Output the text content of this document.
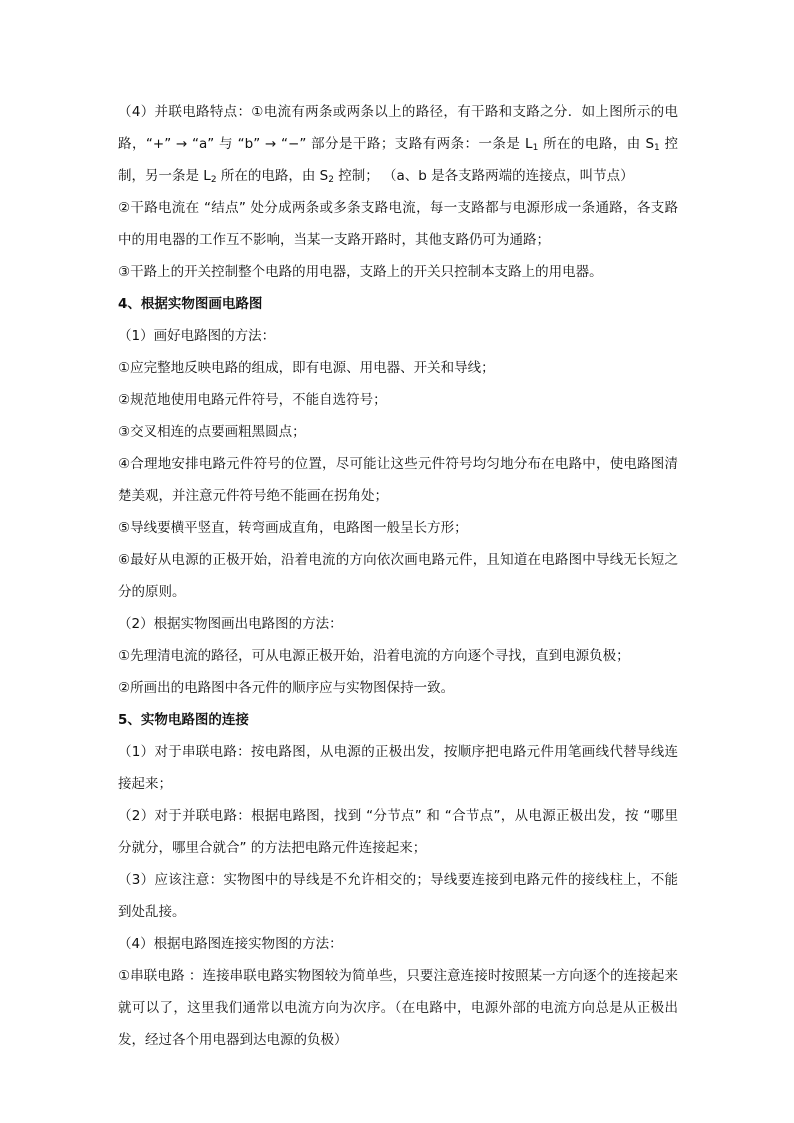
（4）并联电路特点：①电流有两条或两条以上的路径，有干路和支路之分．如上图所示的电路，“+” → “a” 与 “b” → “−” 部分是干路；支路有两条：一条是 $L_1$ 所在的电路，由 $S_1$ 控制，另一条是 $L_2$ 所在的电路，由 $S_2$ 控制； （a、b 是各支路两端的连接点，叫节点）

②干路电流在 “结点” 处分成两条或多条支路电流，每一支路都与电源形成一条通路，各支路中的用电器的工作互不影响，当某一支路开路时，其他支路仍可为通路；

③干路上的开关控制整个电路的用电器，支路上的开关只控制本支路上的用电器。

4、根据实物图画电路图

（1）画好电路图的方法：

①应完整地反映电路的组成，即有电源、用电器、开关和导线；

②规范地使用电路元件符号，不能自选符号；

③交叉相连的点要画粗黑圆点；

④合理地安排电路元件符号的位置，尽可能让这些元件符号均匀地分布在电路中，使电路图清楚美观，并注意元件符号绝不能画在拐角处；

⑤导线要横平竖直，转弯画成直角，电路图一般呈长方形；

⑥最好从电源的正极开始，沿着电流的方向依次画电路元件，且知道在电路图中导线无长短之分的原则。

（2）根据实物图画出电路图的方法：

①先理清电流的路径，可从电源正极开始，沿着电流的方向逐个寻找，直到电源负极；

②所画出的电路图中各元件的顺序应与实物图保持一致。

5、实物电路图的连接

（1）对于串联电路：按电路图，从电源的正极出发，按顺序把电路元件用笔画线代替导线连接起来；

（2）对于并联电路：根据电路图，找到 “分节点” 和 “合节点”，从电源正极出发，按 “哪里分就分，哪里合就合” 的方法把电路元件连接起来；

（3）应该注意：实物图中的导线是不允许相交的；导线要连接到电路元件的接线柱上，不能到处乱接。

（4）根据电路图连接实物图的方法：

①串联电路 ：连接串联电路实物图较为简单些，只要注意连接时按照某一方向逐个的连接起来就可以了，这里我们通常以电流方向为次序。（在电路中，电源外部的电流方向总是从正极出发，经过各个用电器到达电源的负极）
